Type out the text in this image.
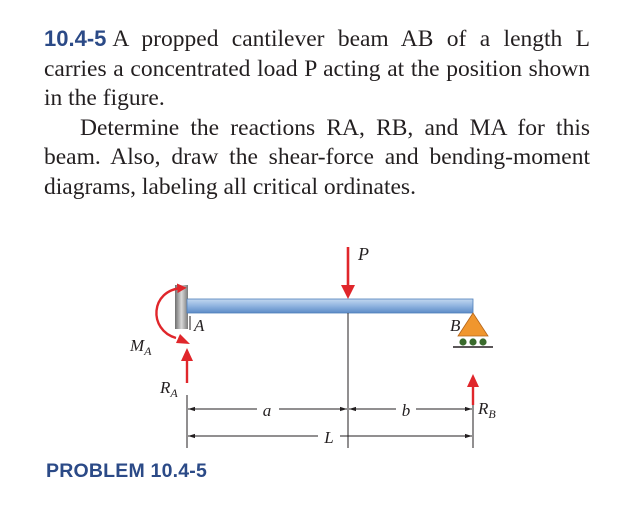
10.4-5 A propped cantilever beam AB of a length L carries a concentrated load P acting at the position shown in the figure.

Determine the reactions RA, RB, and MA for this beam. Also, draw the shear-force and bending-moment diagrams, labeling all critical ordinates.

P
A	B
$M_A$
$R_A$
$R_B$
a	b
L
PROBLEM 10.4-5
